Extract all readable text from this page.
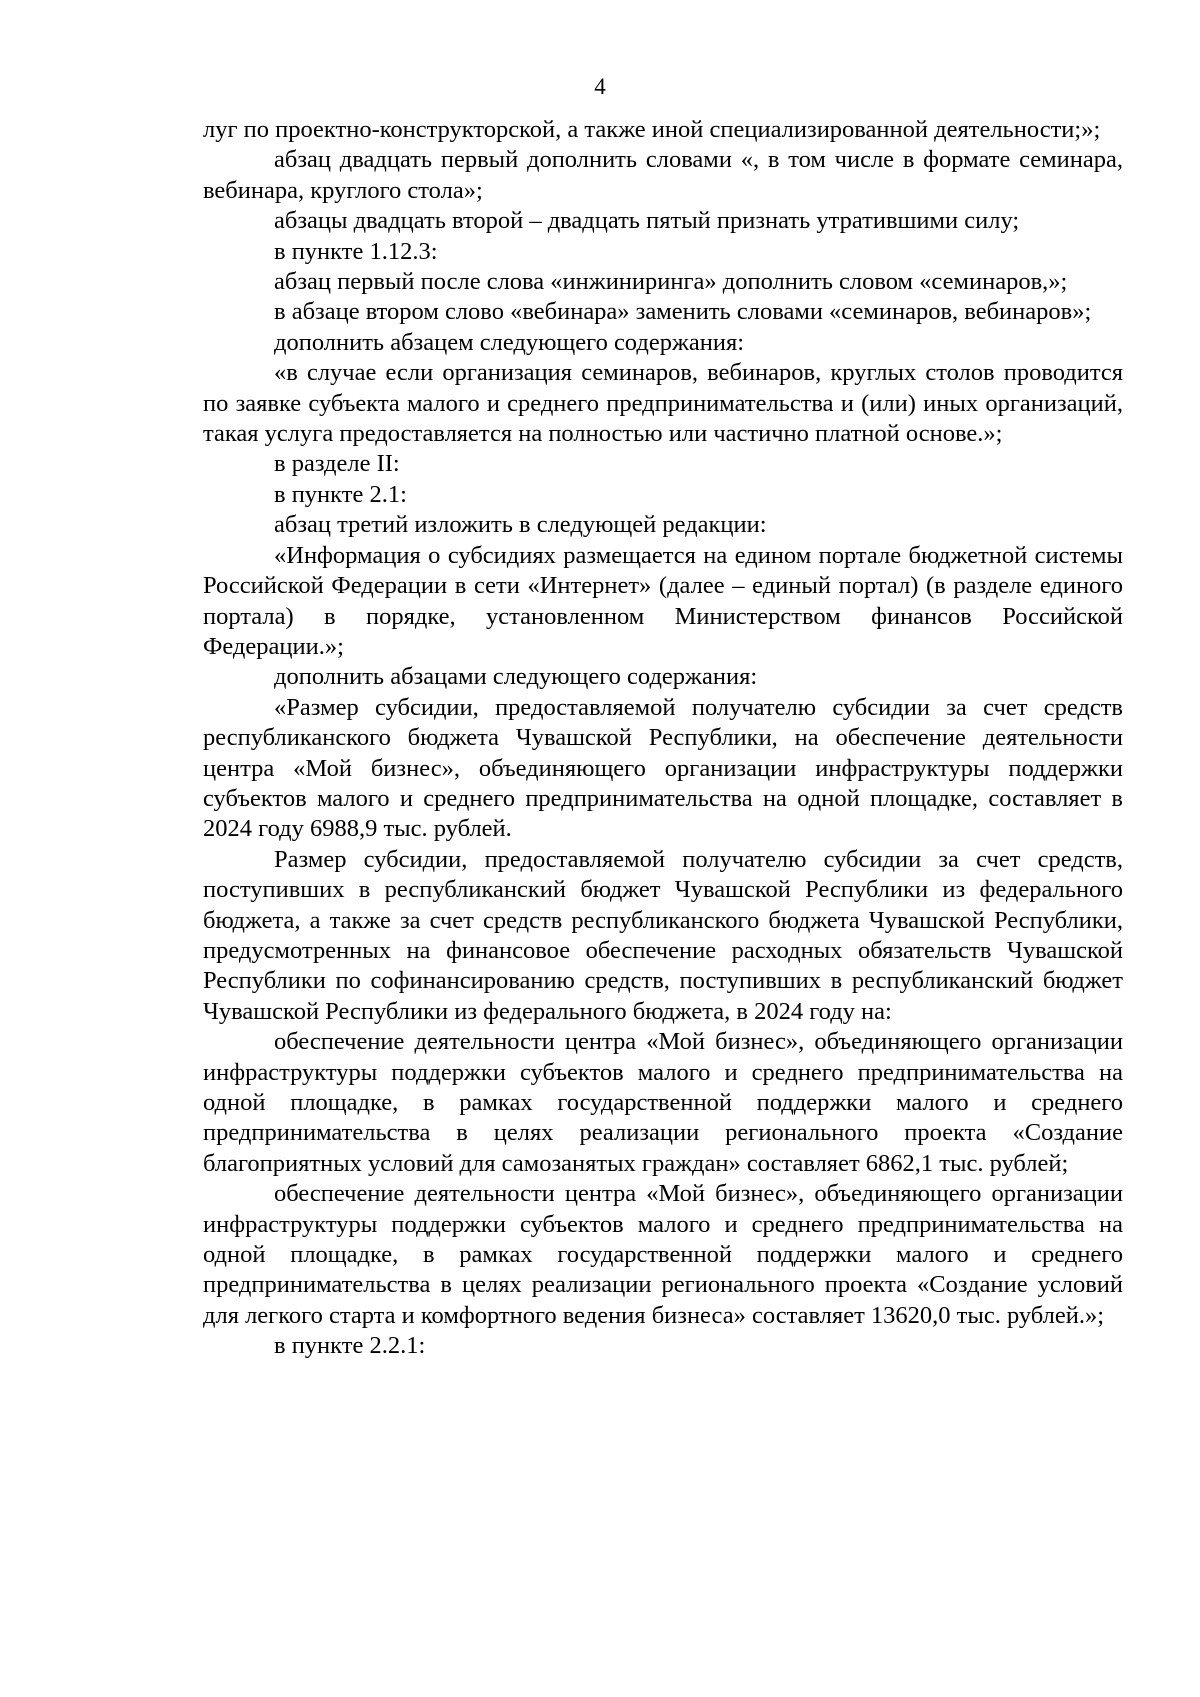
4

луг по проектно-конструкторской, а также иной специализированной деятельности;»;

абзац двадцать первый дополнить словами «, в том числе в формате семинара, вебинара, круглого стола»;

абзацы двадцать второй – двадцать пятый признать утратившими силу;

в пункте 1.12.3:

абзац первый после слова «инжиниринга» дополнить словом «семинаров,»;

в абзаце втором слово «вебинара» заменить словами «семинаров, вебинаров»;

дополнить абзацем следующего содержания:

«в случае если организация семинаров, вебинаров, круглых столов проводится по заявке субъекта малого и среднего предпринимательства и (или) иных организаций, такая услуга предоставляется на полностью или частично платной основе.»;

в разделе II:

в пункте 2.1:

абзац третий изложить в следующей редакции:

«Информация о субсидиях размещается на едином портале бюджетной системы Российской Федерации в сети «Интернет» (далее – единый портал) (в разделе единого портала) в порядке, установленном Министерством финансов Российской Федерации.»;

дополнить абзацами следующего содержания:

«Размер субсидии, предоставляемой получателю субсидии за счет средств республиканского бюджета Чувашской Республики, на обеспечение деятельности центра «Мой бизнес», объединяющего организации инфраструктуры поддержки субъектов малого и среднего предпринимательства на одной площадке, составляет в 2024 году 6988,9 тыс. рублей.

Размер субсидии, предоставляемой получателю субсидии за счет средств, поступивших в республиканский бюджет Чувашской Республики из федерального бюджета, а также за счет средств республиканского бюджета Чувашской Республики, предусмотренных на финансовое обеспечение расходных обязательств Чувашской Республики по софинансированию средств, поступивших в республиканский бюджет Чувашской Республики из федерального бюджета, в 2024 году на:

обеспечение деятельности центра «Мой бизнес», объединяющего организации инфраструктуры поддержки субъектов малого и среднего предпринимательства на одной площадке, в рамках государственной поддержки малого и среднего предпринимательства в целях реализации регионального проекта «Создание благоприятных условий для самозанятых граждан» составляет 6862,1 тыс. рублей;

обеспечение деятельности центра «Мой бизнес», объединяющего организации инфраструктуры поддержки субъектов малого и среднего предпринимательства на одной площадке, в рамках государственной поддержки малого и среднего предпринимательства в целях реализации регионального проекта «Создание условий для легкого старта и комфортного ведения бизнеса» составляет 13620,0 тыс. рублей.»;

в пункте 2.2.1:
